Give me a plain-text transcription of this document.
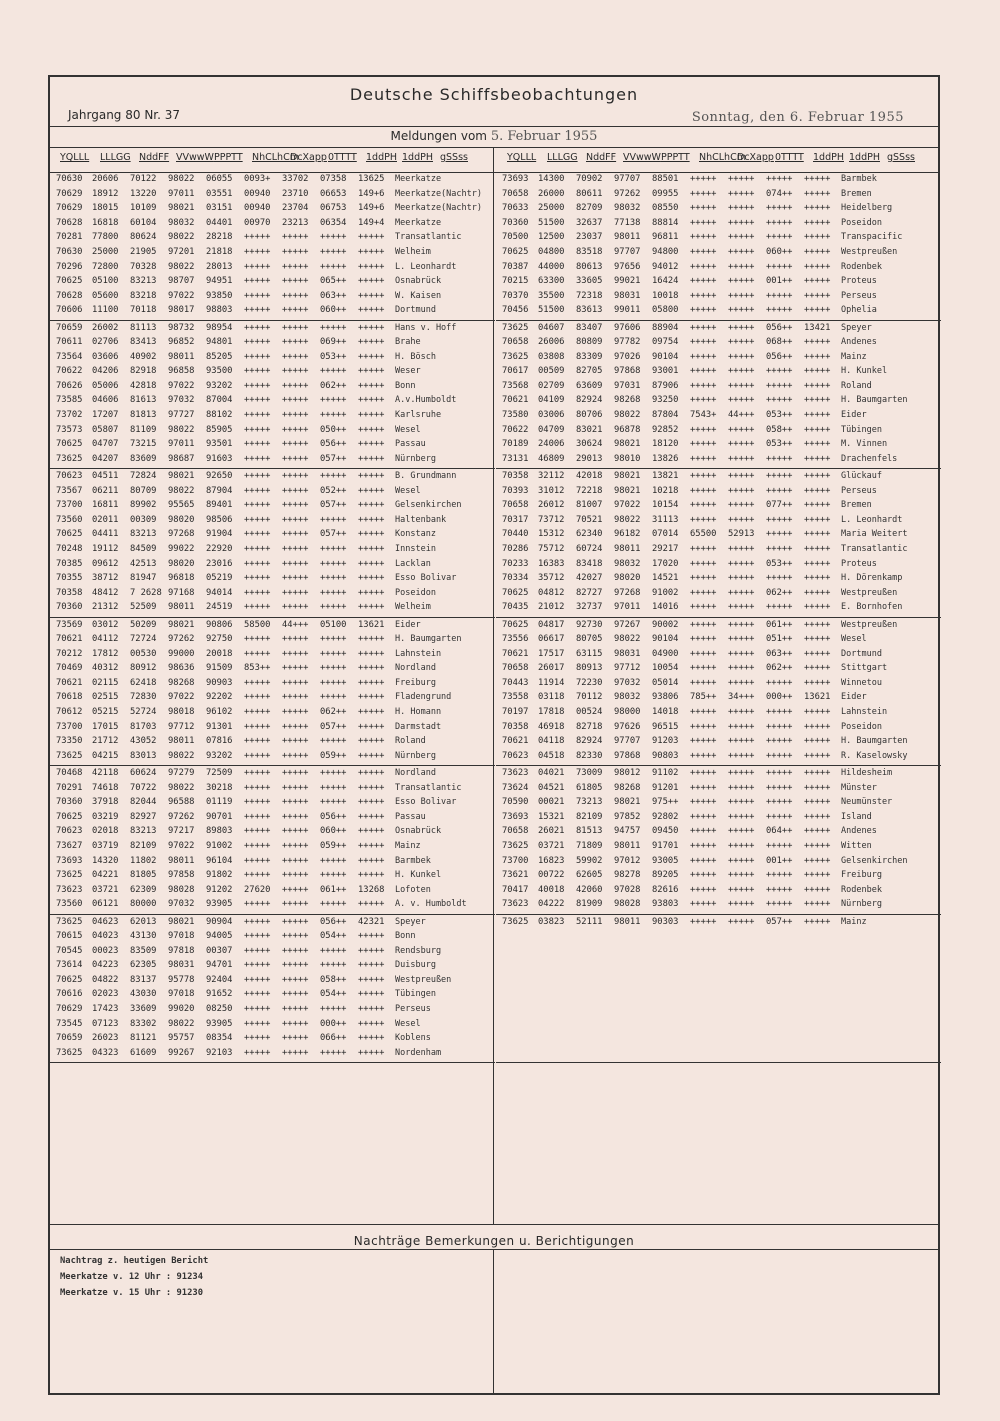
Deutsche Schiffsbeobachtungen
Jahrgang 80 Nr. 37	Sonntag, den 6. Februar 1955
Meldungen vom 5. Februar 1955
YQLLL LLLGG NddFF VVwwW PPPTT NhCLhCm
DcXapp 0TTTT 1ddPH 1ddPH gSSss	YQLLL LLLGG NddFF VVwwW PPPTT NhCLhCm
DcXapp 0TTTT 1ddPH 1ddPH gSSss
70630 20606 70122 98022 06055 0093+ 33702 07358 13625 Meerkatze
70629 18912 13220 97011 03551 00940 23710 06653 149+6 Meerkatze(Nachtr)
70629 18015 10109 98021 03151 00940 23704 06753 149+6 Meerkatze(Nachtr)
70628 16818 60104 98032 04401 00970 23213 06354 149+4 Meerkatze
70281 77800 80624 98022 28218 +++++ +++++ +++++ +++++ Transatlantic
70630 25000 21905 97201 21818 +++++ +++++ +++++ +++++ Welheim
70296 72800 70328 98022 28013 +++++ +++++ +++++ +++++ L. Leonhardt
70625 05100 83213 98707 94951 +++++ +++++ 065++ +++++ Osnabrück
70628 05600 83218 97022 93850 +++++ +++++ 063++ +++++ W. Kaisen
70606 11100 70118 98017 98803 +++++ +++++ 060++ +++++ Dortmund
70659 26002 81113 98732 98954 +++++ +++++ +++++ +++++ Hans v. Hoff
70611 02706 83413 96852 94801 +++++ +++++ 069++ +++++ Brahe
73564 03606 40902 98011 85205 +++++ +++++ 053++ +++++ H. Bösch
70622 04206 82918 96858 93500 +++++ +++++ +++++ +++++ Weser
70626 05006 42818 97022 93202 +++++ +++++ 062++ +++++ Bonn
73585 04606 81613 97032 87004 +++++ +++++ +++++ +++++ A.v.Humboldt
73702 17207 81813 97727 88102 +++++ +++++ +++++ +++++ Karlsruhe
73573 05807 81109 98022 85905 +++++ +++++ 050++ +++++ Wesel
70625 04707 73215 97011 93501 +++++ +++++ 056++ +++++ Passau
73625 04207 83609 98687 91603 +++++ +++++ 057++ +++++ Nürnberg
70623 04511 72824 98021 92650 +++++ +++++ +++++ +++++ B. Grundmann
73567 06211 80709 98022 87904 +++++ +++++ 052++ +++++ Wesel
73700 16811 89902 95565 89401 +++++ +++++ 057++ +++++ Gelsenkirchen
73560 02011 00309 98020 98506 +++++ +++++ +++++ +++++ Haltenbank
70625 04411 83213 97268 91904 +++++ +++++ 057++ +++++ Konstanz
70248 19112 84509 99022 22920 +++++ +++++ +++++ +++++ Innstein
70385 09612 42513 98020 23016 +++++ +++++ +++++ +++++ Lacklan
70355 38712 81947 96818 05219 +++++ +++++ +++++ +++++ Esso Bolivar
70358 48412 7 2628 97168 94014 +++++ +++++ +++++ +++++ Poseidon
70360 21312 52509 98011 24519 +++++ +++++ +++++ +++++ Welheim
73569 03012 50209 98021 90806 58500 44+++ 05100 13621 Eider
70621 04112 72724 97262 92750 +++++ +++++ +++++ +++++ H. Baumgarten
70212 17812 00530 99000 20018 +++++ +++++ +++++ +++++ Lahnstein
70469 40312 80912 98636 91509 853++ +++++ +++++ +++++ Nordland
70621 02115 62418 98268 90903 +++++ +++++ +++++ +++++ Freiburg
70618 02515 72830 97022 92202 +++++ +++++ +++++ +++++ Fladengrund
70612 05215 52724 98018 96102 +++++ +++++ 062++ +++++ H. Homann
73700 17015 81703 97712 91301 +++++ +++++ 057++ +++++ Darmstadt
73350 21712 43052 98011 07816 +++++ +++++ +++++ +++++ Roland
73625 04215 83013 98022 93202 +++++ +++++ 059++ +++++ Nürnberg
70468 42118 60624 97279 72509 +++++ +++++ +++++ +++++ Nordland
70291 74618 70722 98022 30218 +++++ +++++ +++++ +++++ Transatlantic
70360 37918 82044 96588 01119 +++++ +++++ +++++ +++++ Esso Bolivar
70625 03219 82927 97262 90701 +++++ +++++ 056++ +++++ Passau
70623 02018 83213 97217 89803 +++++ +++++ 060++ +++++ Osnabrück
73627 03719 82109 97022 91002 +++++ +++++ 059++ +++++ Mainz
73693 14320 11802 98011 96104 +++++ +++++ +++++ +++++ Barmbek
73625 04221 81805 97858 91802 +++++ +++++ +++++ +++++ H. Kunkel
73623 03721 62309 98028 91202 27620 +++++ 061++ 13268 Lofoten
73560 06121 80000 97032 93905 +++++ +++++ +++++ +++++ A. v. Humboldt
73625 04623 62013 98021 90904 +++++ +++++ 056++ 42321 Speyer
70615 04023 43130 97018 94005 +++++ +++++ 054++ +++++ Bonn
70545 00023 83509 97818 00307 +++++ +++++ +++++ +++++ Rendsburg
73614 04223 62305 98031 94701 +++++ +++++ +++++ +++++ Duisburg
70625 04822 83137 95778 92404 +++++ +++++ 058++ +++++ Westpreußen
70616 02023 43030 97018 91652 +++++ +++++ 054++ +++++ Tübingen
70629 17423 33609 99020 08250 +++++ +++++ +++++ +++++ Perseus
73545 07123 83302 98022 93905 +++++ +++++ 000++ +++++ Wesel
70659 26023 81121 95757 08354 +++++ +++++ 066++ +++++ Koblens
73625 04323 61609 99267 92103 +++++ +++++ +++++ +++++ Nordenham
73693 14300 70902 97707 88501 +++++ +++++ +++++ +++++ Barmbek
70658 26000 80611 97262 09955 +++++ +++++ 074++ +++++ Bremen
70633 25000 82709 98032 08550 +++++ +++++ +++++ +++++ Heidelberg
70360 51500 32637 77138 88814 +++++ +++++ +++++ +++++ Poseidon
70500 12500 23037 98011 96811 +++++ +++++ +++++ +++++ Transpacific
70625 04800 83518 97707 94800 +++++ +++++ 060++ +++++ Westpreußen
70387 44000 80613 97656 94012 +++++ +++++ +++++ +++++ Rodenbek
70215 63300 33605 99021 16424 +++++ +++++ 001++ +++++ Proteus
70370 35500 72318 98031 10018 +++++ +++++ +++++ +++++ Perseus
70456 51500 83613 99011 05800 +++++ +++++ +++++ +++++ Ophelia
73625 04607 83407 97606 88904 +++++ +++++ 056++ 13421 Speyer
70658 26006 80809 97782 09754 +++++ +++++ 068++ +++++ Andenes
73625 03808 83309 97026 90104 +++++ +++++ 056++ +++++ Mainz
70617 00509 82705 97868 93001 +++++ +++++ +++++ +++++ H. Kunkel
73568 02709 63609 97031 87906 +++++ +++++ +++++ +++++ Roland
70621 04109 82924 98268 93250 +++++ +++++ +++++ +++++ H. Baumgarten
73580 03006 80706 98022 87804 7543+ 44+++ 053++ +++++ Eider
70622 04709 83021 96878 92852 +++++ +++++ 058++ +++++ Tübingen
70189 24006 30624 98021 18120 +++++ +++++ 053++ +++++ M. Vinnen
73131 46809 29013 98010 13826 +++++ +++++ +++++ +++++ Drachenfels
70358 32112 42018 98021 13821 +++++ +++++ +++++ +++++ Glückauf
70393 31012 72218 98021 10218 +++++ +++++ +++++ +++++ Perseus
70658 26012 81007 97022 10154 +++++ +++++ 077++ +++++ Bremen
70317 73712 70521 98022 31113 +++++ +++++ +++++ +++++ L. Leonhardt
70440 15312 62340 96182 07014 65500 52913 +++++ +++++ Maria Weitert
70286 75712 60724 98011 29217 +++++ +++++ +++++ +++++ Transatlantic
70233 16383 83418 98032 17020 +++++ +++++ 053++ +++++ Proteus
70334 35712 42027 98020 14521 +++++ +++++ +++++ +++++ H. Dörenkamp
70625 04812 82727 97268 91002 +++++ +++++ 062++ +++++ Westpreußen
70435 21012 32737 97011 14016 +++++ +++++ +++++ +++++ E. Bornhofen
70625 04817 92730 97267 90002 +++++ +++++ 061++ +++++ Westpreußen
73556 06617 80705 98022 90104 +++++ +++++ 051++ +++++ Wesel
70621 17517 63115 98031 04900 +++++ +++++ 063++ +++++ Dortmund
70658 26017 80913 97712 10054 +++++ +++++ 062++ +++++ Stittgart
70443 11914 72230 97032 05014 +++++ +++++ +++++ +++++ Winnetou
73558 03118 70112 98032 93806 785++ 34+++ 000++ 13621 Eider
70197 17818 00524 98000 14018 +++++ +++++ +++++ +++++ Lahnstein
70358 46918 82718 97626 96515 +++++ +++++ +++++ +++++ Poseidon
70621 04118 82924 97707 91203 +++++ +++++ +++++ +++++ H. Baumgarten
70623 04518 82330 97868 90803 +++++ +++++ +++++ +++++ R. Kaselowsky
73623 04021 73009 98012 91102 +++++ +++++ +++++ +++++ Hildesheim
73624 04521 61805 98268 91201 +++++ +++++ +++++ +++++ Münster
70590 00021 73213 98021 975++ +++++ +++++ +++++ +++++ Neumünster
73693 15321 82109 97852 92802 +++++ +++++ +++++ +++++ Island
70658 26021 81513 94757 09450 +++++ +++++ 064++ +++++ Andenes
73625 03721 71809 98011 91701 +++++ +++++ +++++ +++++ Witten
73700 16823 59902 97012 93005 +++++ +++++ 001++ +++++ Gelsenkirchen
73621 00722 62605 98278 89205 +++++ +++++ +++++ +++++ Freiburg
70417 40018 42060 97028 82616 +++++ +++++ +++++ +++++ Rodenbek
73623 04222 81909 98028 93803 +++++ +++++ +++++ +++++ Nürnberg
73625 03823 52111 98011 90303 +++++ +++++ 057++ +++++ Mainz
Nachträge Bemerkungen u. Berichtigungen
Nachtrag z. heutigen Bericht
Meerkatze v. 12 Uhr : 91234
Meerkatze v. 15 Uhr : 91230
